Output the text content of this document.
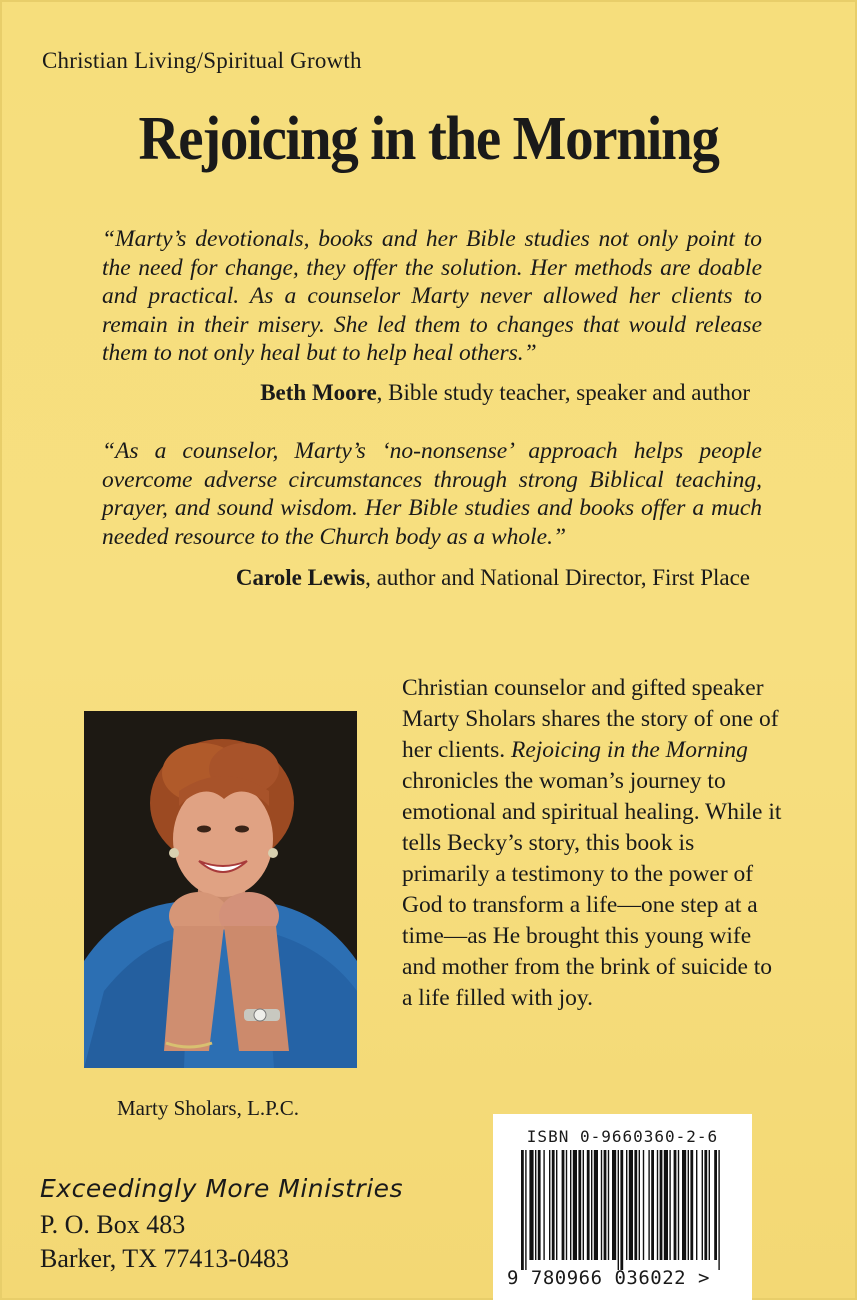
Christian Living/Spiritual Growth
Rejoicing in the Morning
“Marty’s devotionals, books and her Bible studies not only point to the need for change, they offer the solution. Her methods are doable and practical. As a counselor Marty never allowed her clients to remain in their misery. She led them to changes that would release them to not only heal but to help heal others.”
Beth Moore, Bible study teacher, speaker and author
“As a counselor, Marty’s ‘no-nonsense’ approach helps people overcome adverse circumstances through strong Biblical teaching, prayer, and sound wisdom. Her Bible studies and books offer a much needed resource to the Church body as a whole.”
Carole Lewis, author and National Director, First Place
Marty Sholars, L.P.C.
Christian counselor and gifted speaker Marty Sholars shares the story of one of her clients. Rejoicing in the Morning chronicles the woman’s journey to emotional and spiritual healing. While it tells Becky’s story, this book is primarily a testimony to the power of God to transform a life—one step at a time—as He brought this young wife and mother from the brink of suicide to a life filled with joy.
Exceedingly More Ministries
P. O. Box 483
Barker, TX 77413-0483
ISBN 0-9660360-2-6
9 780966 036022 >
